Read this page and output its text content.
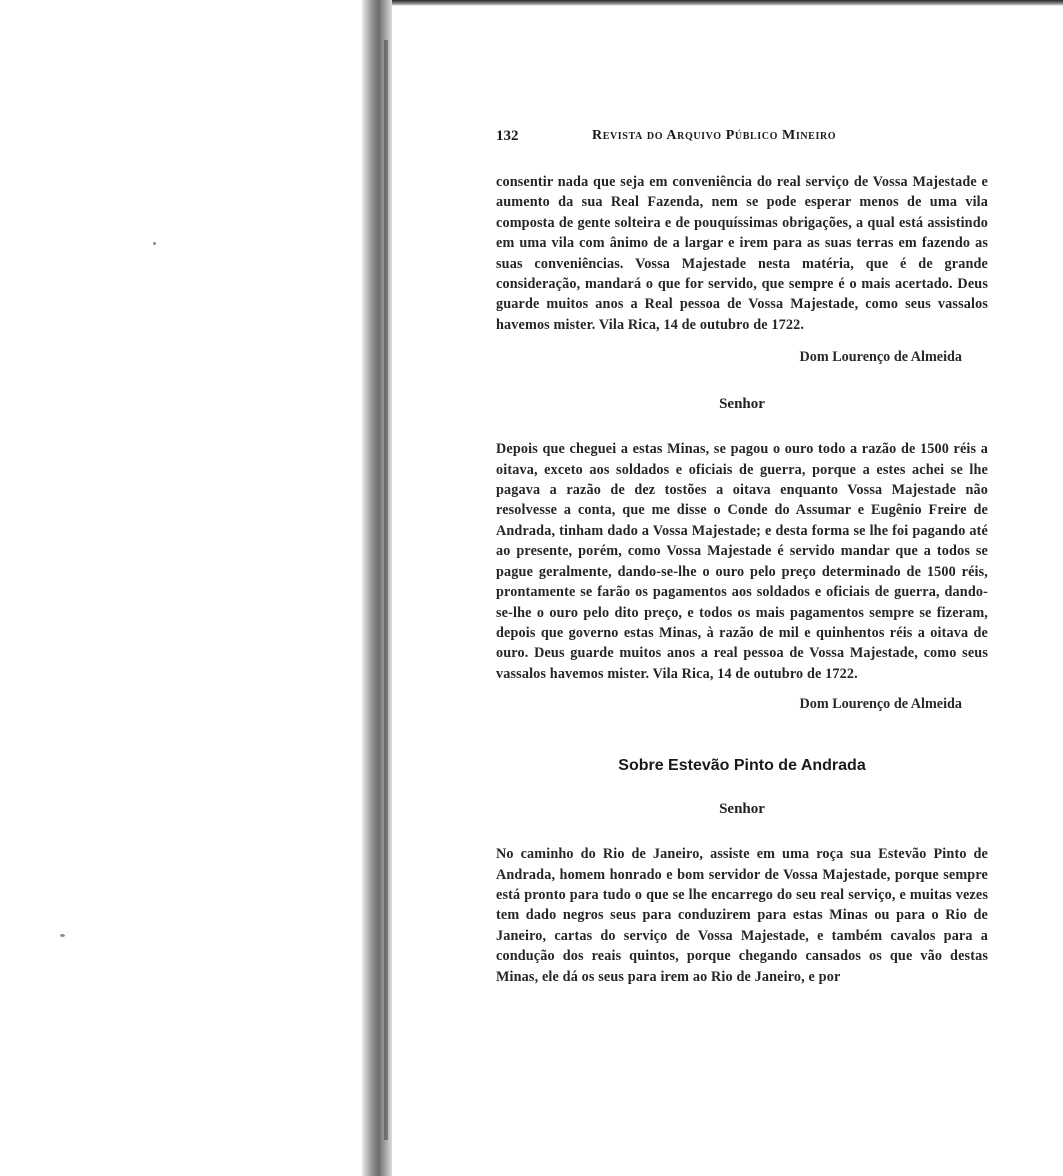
132	Revista do Arquivo Público Mineiro

consentir nada que seja em conveniência do real serviço de Vossa Majestade e aumento da sua Real Fazenda, nem se pode esperar menos de uma vila composta de gente solteira e de pouquíssimas obrigações, a qual está assistindo em uma vila com ânimo de a largar e irem para as suas terras em fazendo as suas conveniências. Vossa Majestade nesta matéria, que é de grande consideração, mandará o que for servido, que sempre é o mais acertado. Deus guarde muitos anos a Real pessoa de Vossa Majestade, como seus vassalos havemos mister. Vila Rica, 14 de outubro de 1722.

Dom Lourenço de Almeida

Senhor

Depois que cheguei a estas Minas, se pagou o ouro todo a razão de 1500 réis a oitava, exceto aos soldados e oficiais de guerra, porque a estes achei se lhe pagava a razão de dez tostões a oitava enquanto Vossa Majestade não resolvesse a conta, que me disse o Conde do Assumar e Eugênio Freire de Andrada, tinham dado a Vossa Majestade; e desta forma se lhe foi pagando até ao presente, porém, como Vossa Majestade é servido mandar que a todos se pague geralmente, dando-se-lhe o ouro pelo preço determinado de 1500 réis, prontamente se farão os pagamentos aos soldados e oficiais de guerra, dando-se-lhe o ouro pelo dito preço, e todos os mais pagamentos sempre se fizeram, depois que governo estas Minas, à razão de mil e quinhentos réis a oitava de ouro. Deus guarde muitos anos a real pessoa de Vossa Majestade, como seus vassalos havemos mister. Vila Rica, 14 de outubro de 1722.

Dom Lourenço de Almeida

Sobre Estevão Pinto de Andrada

Senhor

No caminho do Rio de Janeiro, assiste em uma roça sua Estevão Pinto de Andrada, homem honrado e bom servidor de Vossa Majestade, porque sempre está pronto para tudo o que se lhe encarrego do seu real serviço, e muitas vezes tem dado negros seus para conduzirem para estas Minas ou para o Rio de Janeiro, cartas do serviço de Vossa Majestade, e também cavalos para a condução dos reais quintos, porque chegando cansados os que vão destas Minas, ele dá os seus para irem ao Rio de Janeiro, e por
